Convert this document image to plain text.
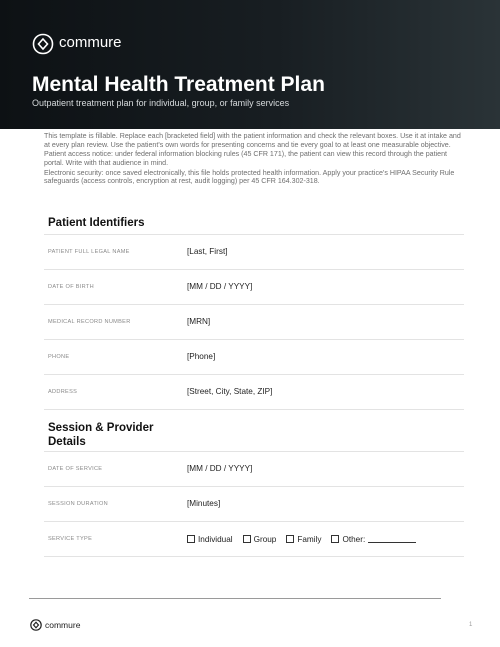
commure
Mental Health Treatment Plan
Outpatient treatment plan for individual, group, or family services

This template is fillable. Replace each [bracketed field] with the patient information and check the relevant boxes. Use it at intake and at every plan review. Use the patient's own words for presenting concerns and tie every goal to at least one measurable objective.

Patient access notice: under federal information blocking rules (45 CFR 171), the patient can view this record through the patient portal. Write with that audience in mind.

Electronic security: once saved electronically, this file holds protected health information. Apply your practice's HIPAA Security Rule safeguards (access controls, encryption at rest, audit logging) per 45 CFR 164.302-318.

Patient Identifiers
PATIENT FULL LEGAL NAME	[Last, First]
DATE OF BIRTH	[MM / DD / YYYY]
MEDICAL RECORD NUMBER	[MRN]
PHONE	[Phone]
ADDRESS	[Street, City, State, ZIP]
Session & Provider
Details
DATE OF SERVICE	[MM / DD / YYYY]
SESSION DURATION	[Minutes]
SERVICE TYPE	Individual	Group	Family	Other:
commure	1
